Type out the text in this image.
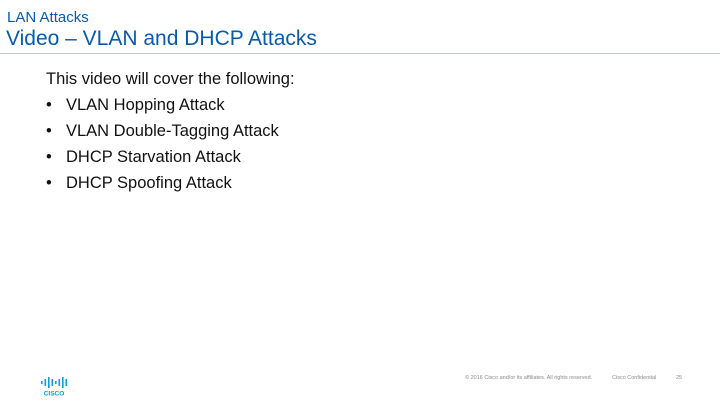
LAN Attacks
Video – VLAN and DHCP Attacks

This video will cover the following:

• VLAN Hopping Attack
• VLAN Double-Tagging Attack
• DHCP Starvation Attack
• DHCP Spoofing Attack
CISCO
© 2016 Cisco and/or its affiliates. All rights reserved.	Cisco Confidential	25
